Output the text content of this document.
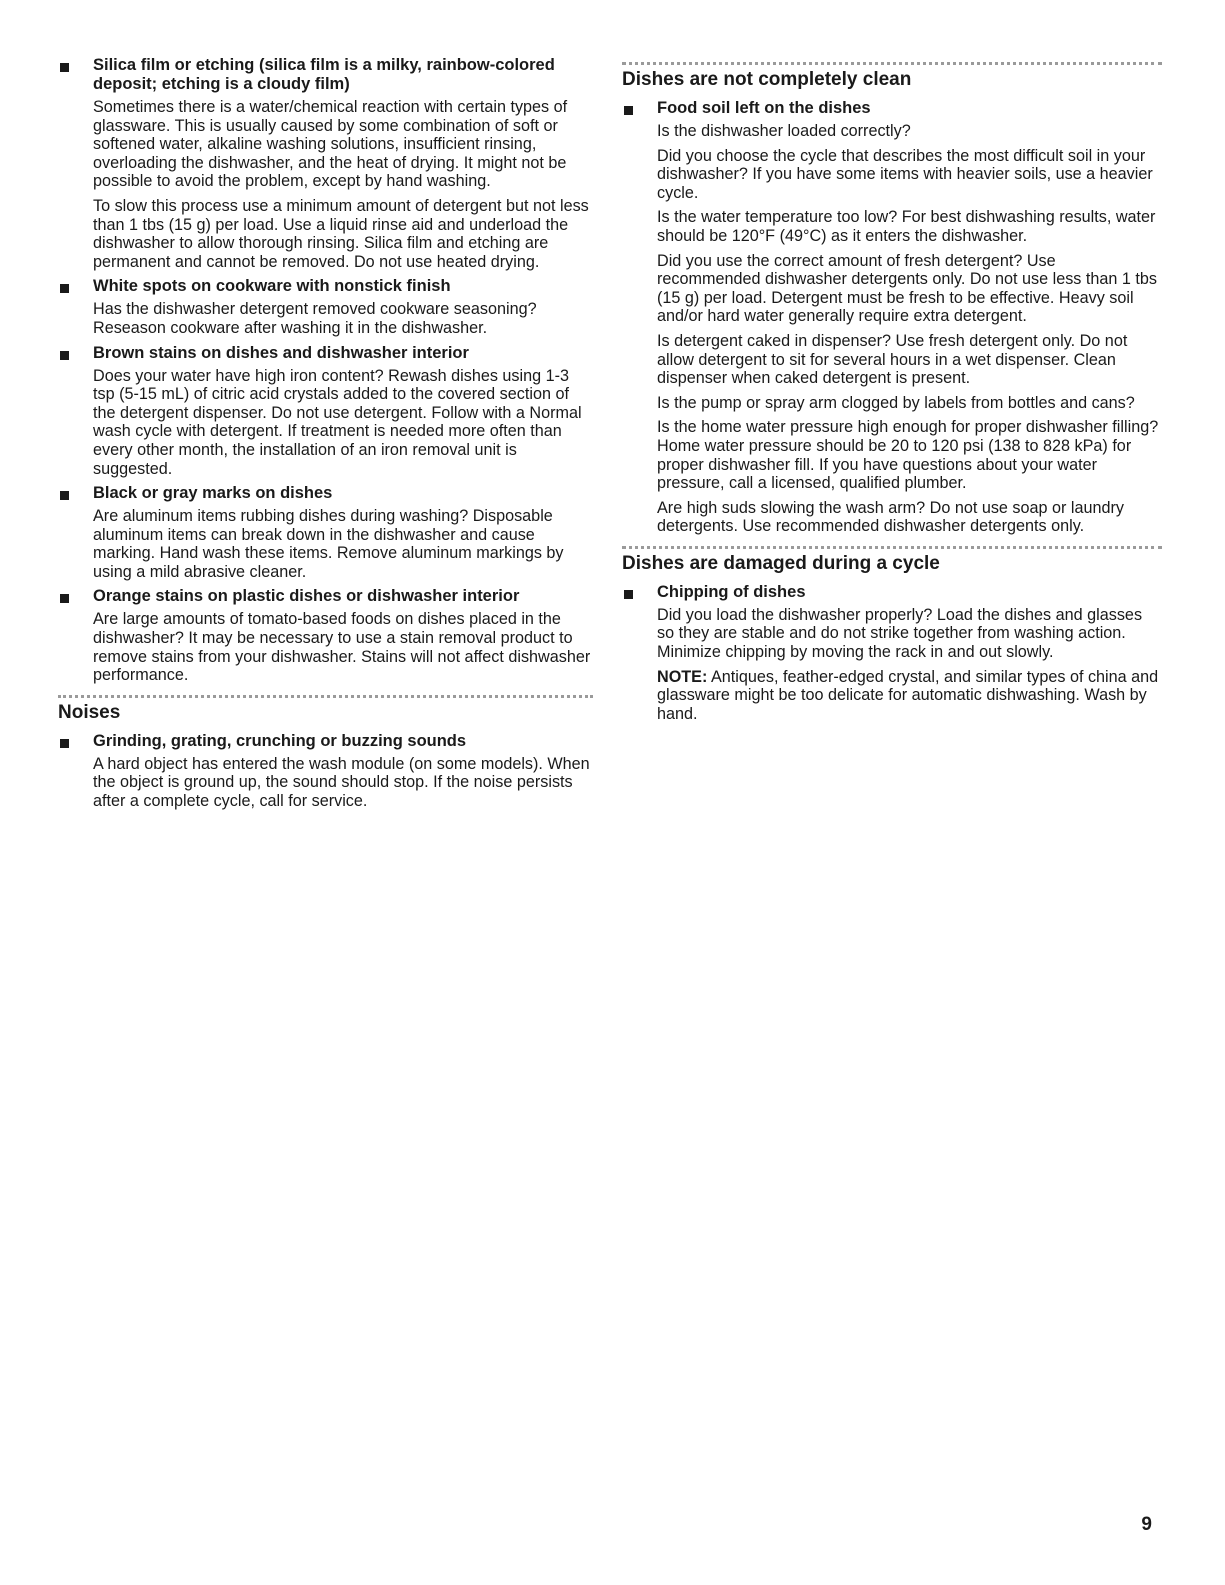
Silica film or etching (silica film is a milky, rainbow-colored deposit; etching is a cloudy film)

Sometimes there is a water/chemical reaction with certain types of glassware. This is usually caused by some combination of soft or softened water, alkaline washing solutions, insufficient rinsing, overloading the dishwasher, and the heat of drying. It might not be possible to avoid the problem, except by hand washing.

To slow this process use a minimum amount of detergent but not less than 1 tbs (15 g) per load. Use a liquid rinse aid and underload the dishwasher to allow thorough rinsing. Silica film and etching are permanent and cannot be removed. Do not use heated drying.

White spots on cookware with nonstick finish

Has the dishwasher detergent removed cookware seasoning? Reseason cookware after washing it in the dishwasher.

Brown stains on dishes and dishwasher interior

Does your water have high iron content? Rewash dishes using 1-3 tsp (5-15 mL) of citric acid crystals added to the covered section of the detergent dispenser. Do not use detergent. Follow with a Normal wash cycle with detergent. If treatment is needed more often than every other month, the installation of an iron removal unit is suggested.

Black or gray marks on dishes

Are aluminum items rubbing dishes during washing? Disposable aluminum items can break down in the dishwasher and cause marking. Hand wash these items. Remove aluminum markings by using a mild abrasive cleaner.

Orange stains on plastic dishes or dishwasher interior

Are large amounts of tomato-based foods on dishes placed in the dishwasher? It may be necessary to use a stain removal product to remove stains from your dishwasher. Stains will not affect dishwasher performance.

Noises
Grinding, grating, crunching or buzzing sounds

A hard object has entered the wash module (on some models). When the object is ground up, the sound should stop. If the noise persists after a complete cycle, call for service.

Dishes are not completely clean
Food soil left on the dishes

Is the dishwasher loaded correctly?

Did you choose the cycle that describes the most difficult soil in your dishwasher? If you have some items with heavier soils, use a heavier cycle.

Is the water temperature too low? For best dishwashing results, water should be 120°F (49°C) as it enters the dishwasher.

Did you use the correct amount of fresh detergent? Use recommended dishwasher detergents only. Do not use less than 1 tbs (15 g) per load. Detergent must be fresh to be effective. Heavy soil and/or hard water generally require extra detergent.

Is detergent caked in dispenser? Use fresh detergent only. Do not allow detergent to sit for several hours in a wet dispenser. Clean dispenser when caked detergent is present.

Is the pump or spray arm clogged by labels from bottles and cans?

Is the home water pressure high enough for proper dishwasher filling? Home water pressure should be 20 to 120 psi (138 to 828 kPa) for proper dishwasher fill. If you have questions about your water pressure, call a licensed, qualified plumber.

Are high suds slowing the wash arm? Do not use soap or laundry detergents. Use recommended dishwasher detergents only.

Dishes are damaged during a cycle
Chipping of dishes

Did you load the dishwasher properly? Load the dishes and glasses so they are stable and do not strike together from washing action. Minimize chipping by moving the rack in and out slowly.

NOTE: Antiques, feather-edged crystal, and similar types of china and glassware might be too delicate for automatic dishwashing. Wash by hand.

9
